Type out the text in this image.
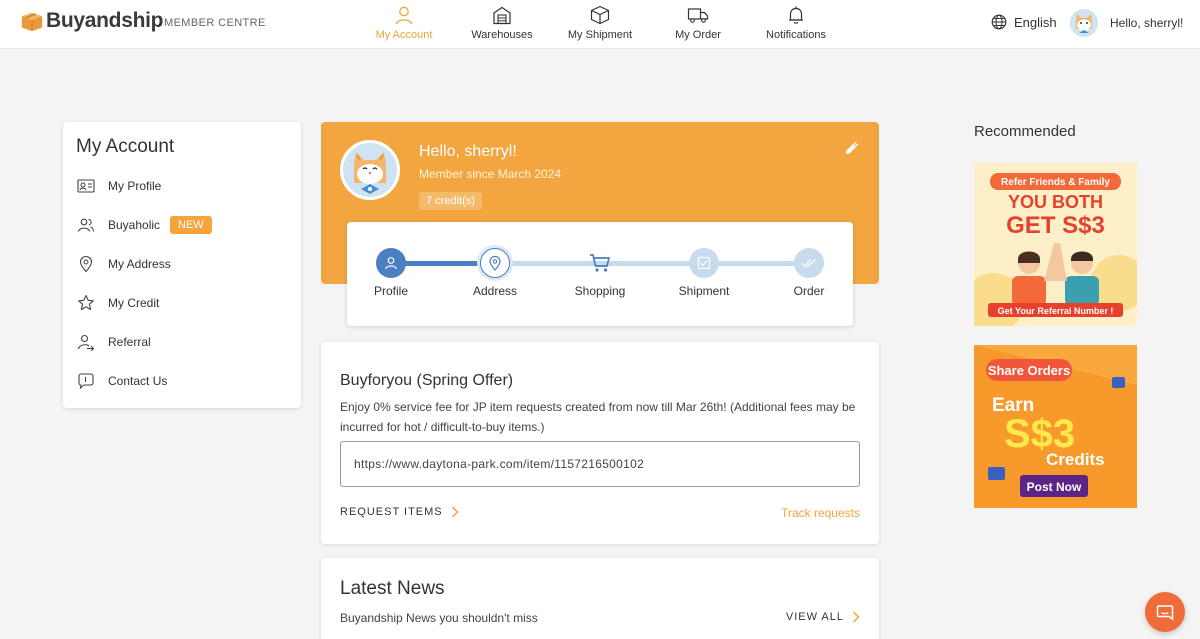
Buyandship MEMBER CENTRE
My Account	Warehouses	My Shipment	My Order	Notifications
English	Hello, sherryl!
My Account
My Profile
Buyaholic	NEW
My Address
My Credit
Referral
Contact Us
Hello, sherryl!
Member since March 2024
7 credit(s)
Profile	Address	Shopping	Shipment	Order
Buyforyou (Spring Offer)
Enjoy 0% service fee for JP item requests created from now till Mar 26th! (Additional fees may be incurred for hot / difficult-to-buy items.)
https://www.daytona-park.com/item/1157216500102
REQUEST ITEMS	Track requests
Latest News
Buyandship News you shouldn't miss	VIEW ALL
Recommended
Refer Friends & Family
YOU BOTH
GET S$3
Get Your Referral Number !
Share Orders
Earn
S$3
Credits
Post Now
